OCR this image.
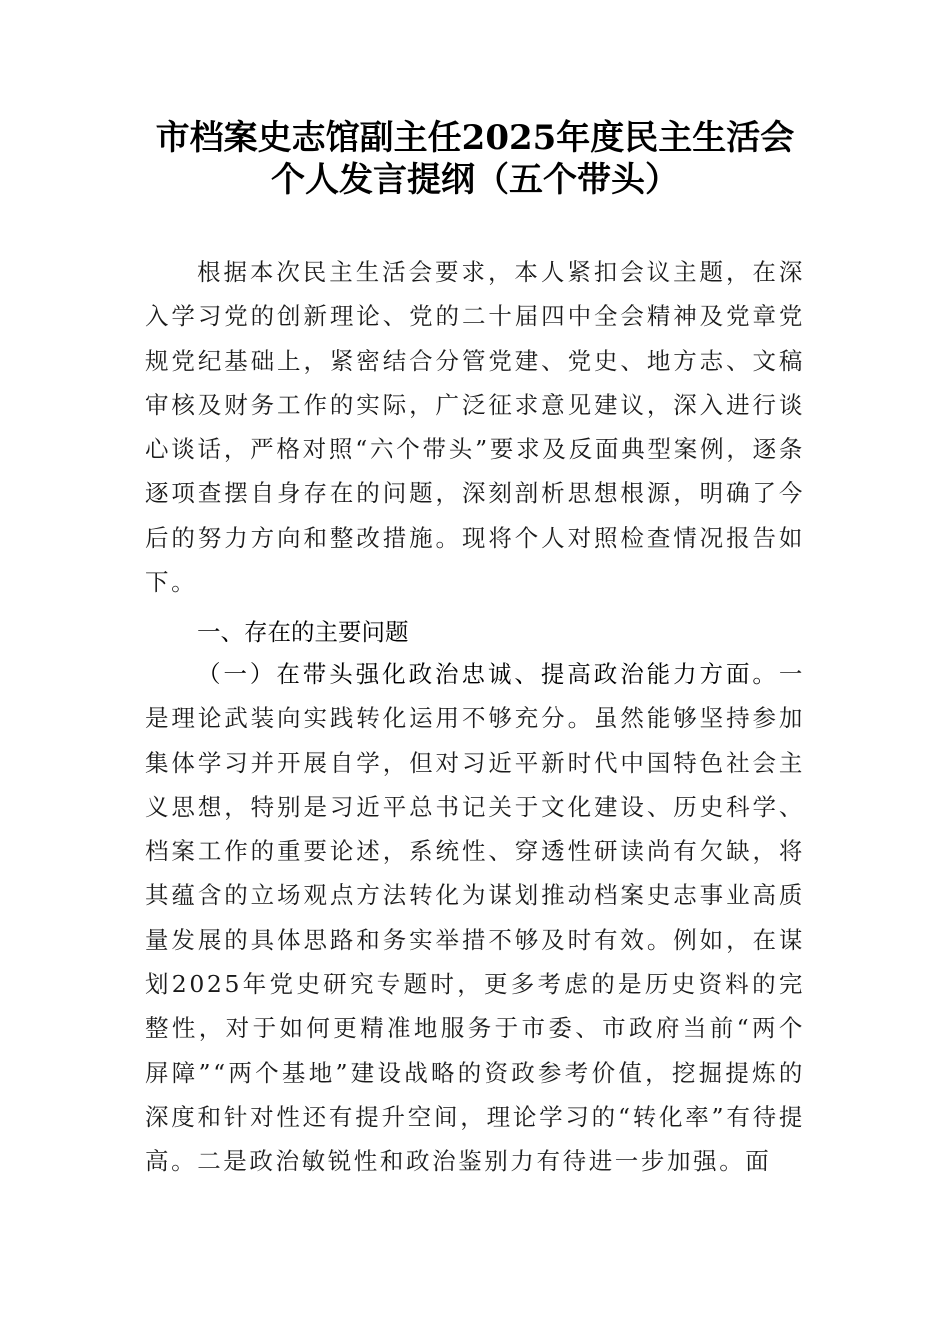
市档案史志馆副主任2025年度民主生活会
个人发言提纲（五个带头）
根据本次民主生活会要求，本人紧扣会议主题，在深入学习党的创新理论、党的二十届四中全会精神及党章党规党纪基础上，紧密结合分管党建、党史、地方志、文稿审核及财务工作的实际，广泛征求意见建议，深入进行谈心谈话，严格对照“六个带头”要求及反面典型案例，逐条逐项查摆自身存在的问题，深刻剖析思想根源，明确了今后的努力方向和整改措施。现将个人对照检查情况报告如下。
一、存在的主要问题
（一）在带头强化政治忠诚、提高政治能力方面。一是理论武装向实践转化运用不够充分。虽然能够坚持参加集体学习并开展自学，但对习近平新时代中国特色社会主义思想，特别是习近平总书记关于文化建设、历史科学、档案工作的重要论述，系统性、穿透性研读尚有欠缺，将其蕴含的立场观点方法转化为谋划推动档案史志事业高质量发展的具体思路和务实举措不够及时有效。例如，在谋划2025年党史研究专题时，更多考虑的是历史资料的完整性，对于如何更精准地服务于市委、市政府当前“两个屏障”“两个基地”建设战略的资政参考价值，挖掘提炼的深度和针对性还有提升空间，理论学习的“转化率”有待提高。二是政治敏锐性和政治鉴别力有待进一步加强。面
